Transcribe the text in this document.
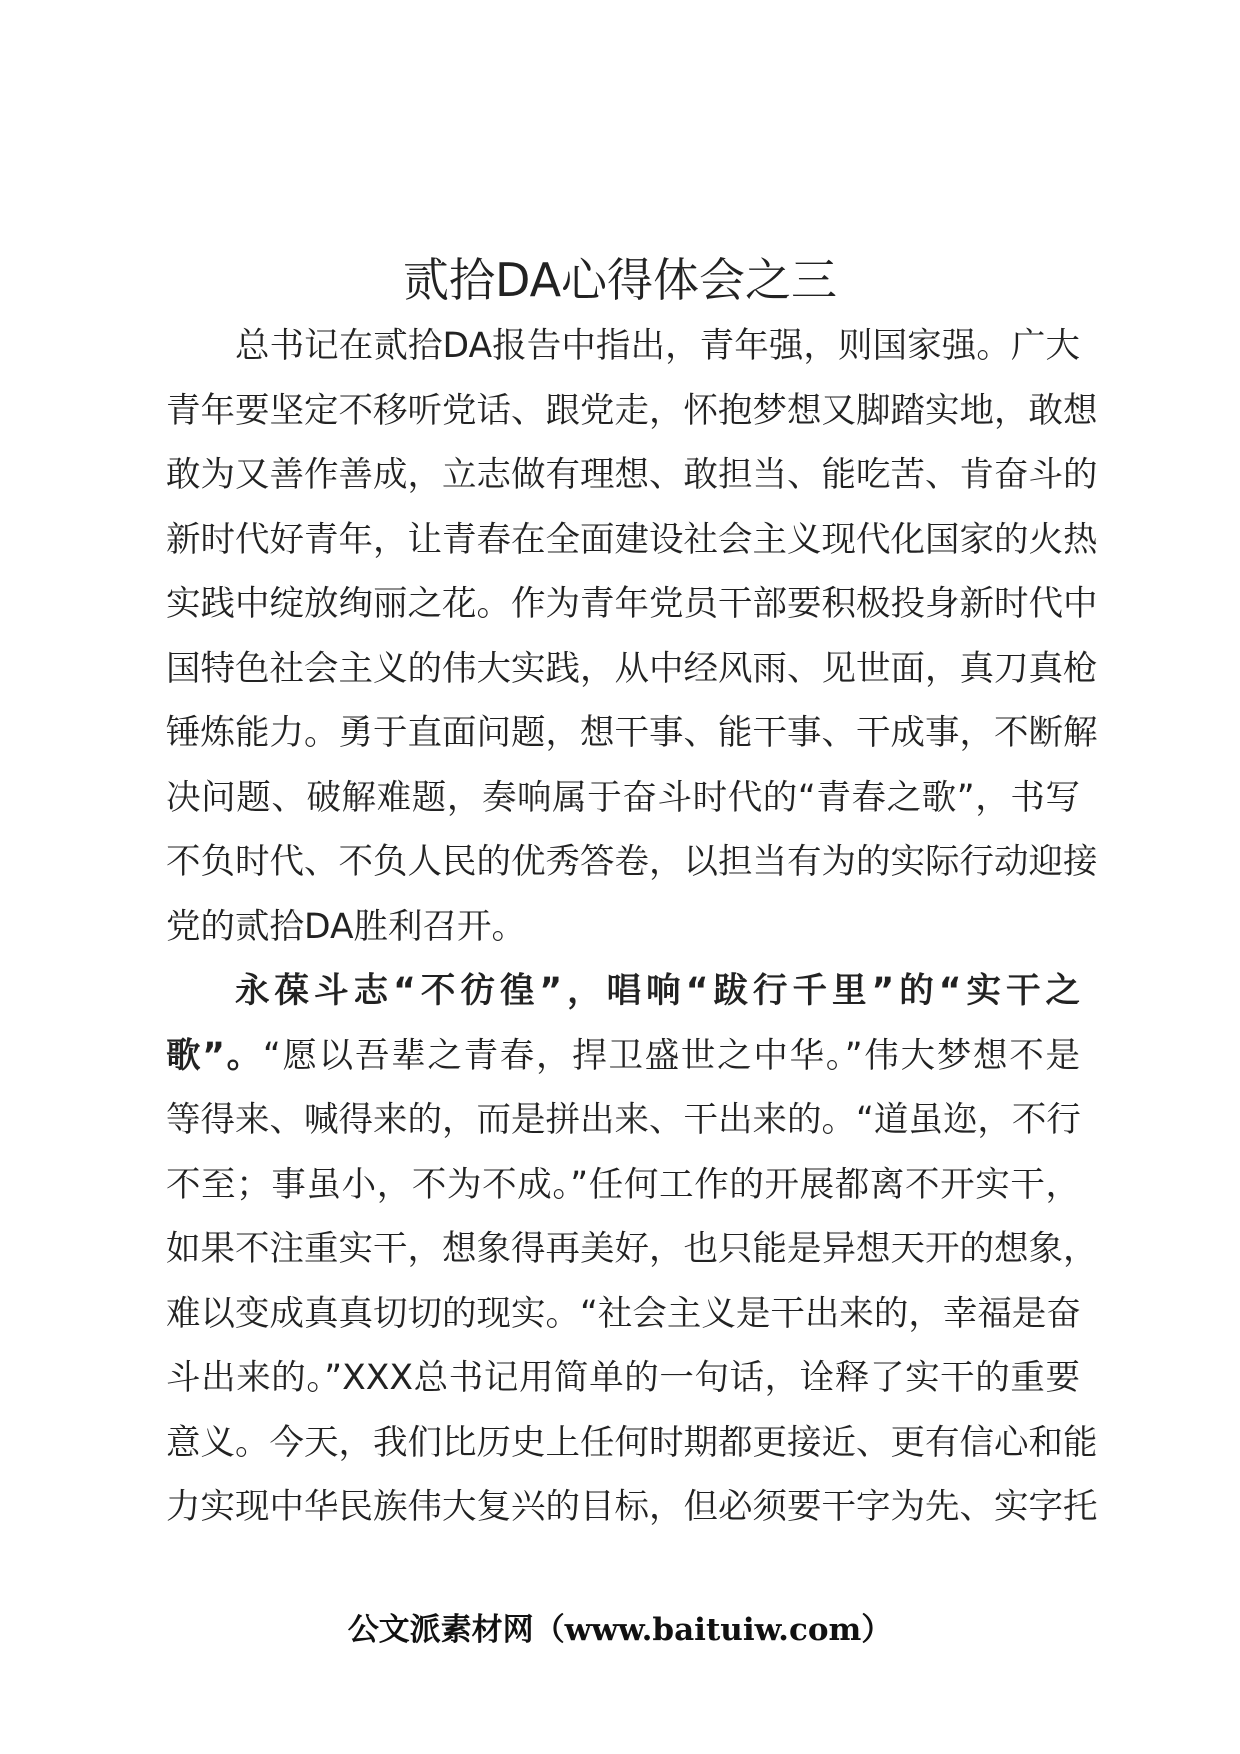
贰拾DA心得体会之三
总书记在贰拾DA报告中指出，青年强，则国家强。广大
青年要坚定不移听党话、跟党走，怀抱梦想又脚踏实地，敢想
敢为又善作善成，立志做有理想、敢担当、能吃苦、肯奋斗的
新时代好青年，让青春在全面建设社会主义现代化国家的火热
实践中绽放绚丽之花。作为青年党员干部要积极投身新时代中
国特色社会主义的伟大实践，从中经风雨、见世面，真刀真枪
锤炼能力。勇于直面问题，想干事、能干事、干成事，不断解
决问题、破解难题，奏响属于奋斗时代的“青春之歌”，书写
不负时代、不负人民的优秀答卷，以担当有为的实际行动迎接
党的贰拾DA胜利召开。
永葆斗志“不彷徨”，唱响“跋行千里”的“实干之
歌”。“愿以吾辈之青春，捍卫盛世之中华。”伟大梦想不是
等得来、喊得来的，而是拼出来、干出来的。“道虽迩，不行
不至；事虽小，不为不成。”任何工作的开展都离不开实干，
如果不注重实干，想象得再美好，也只能是异想天开的想象，
难以变成真真切切的现实。“社会主义是干出来的，幸福是奋
斗出来的。”XXX总书记用简单的一句话，诠释了实干的重要
意义。今天，我们比历史上任何时期都更接近、更有信心和能
力实现中华民族伟大复兴的目标，但必须要干字为先、实字托
公文派素材网（www.baituiw.com）
